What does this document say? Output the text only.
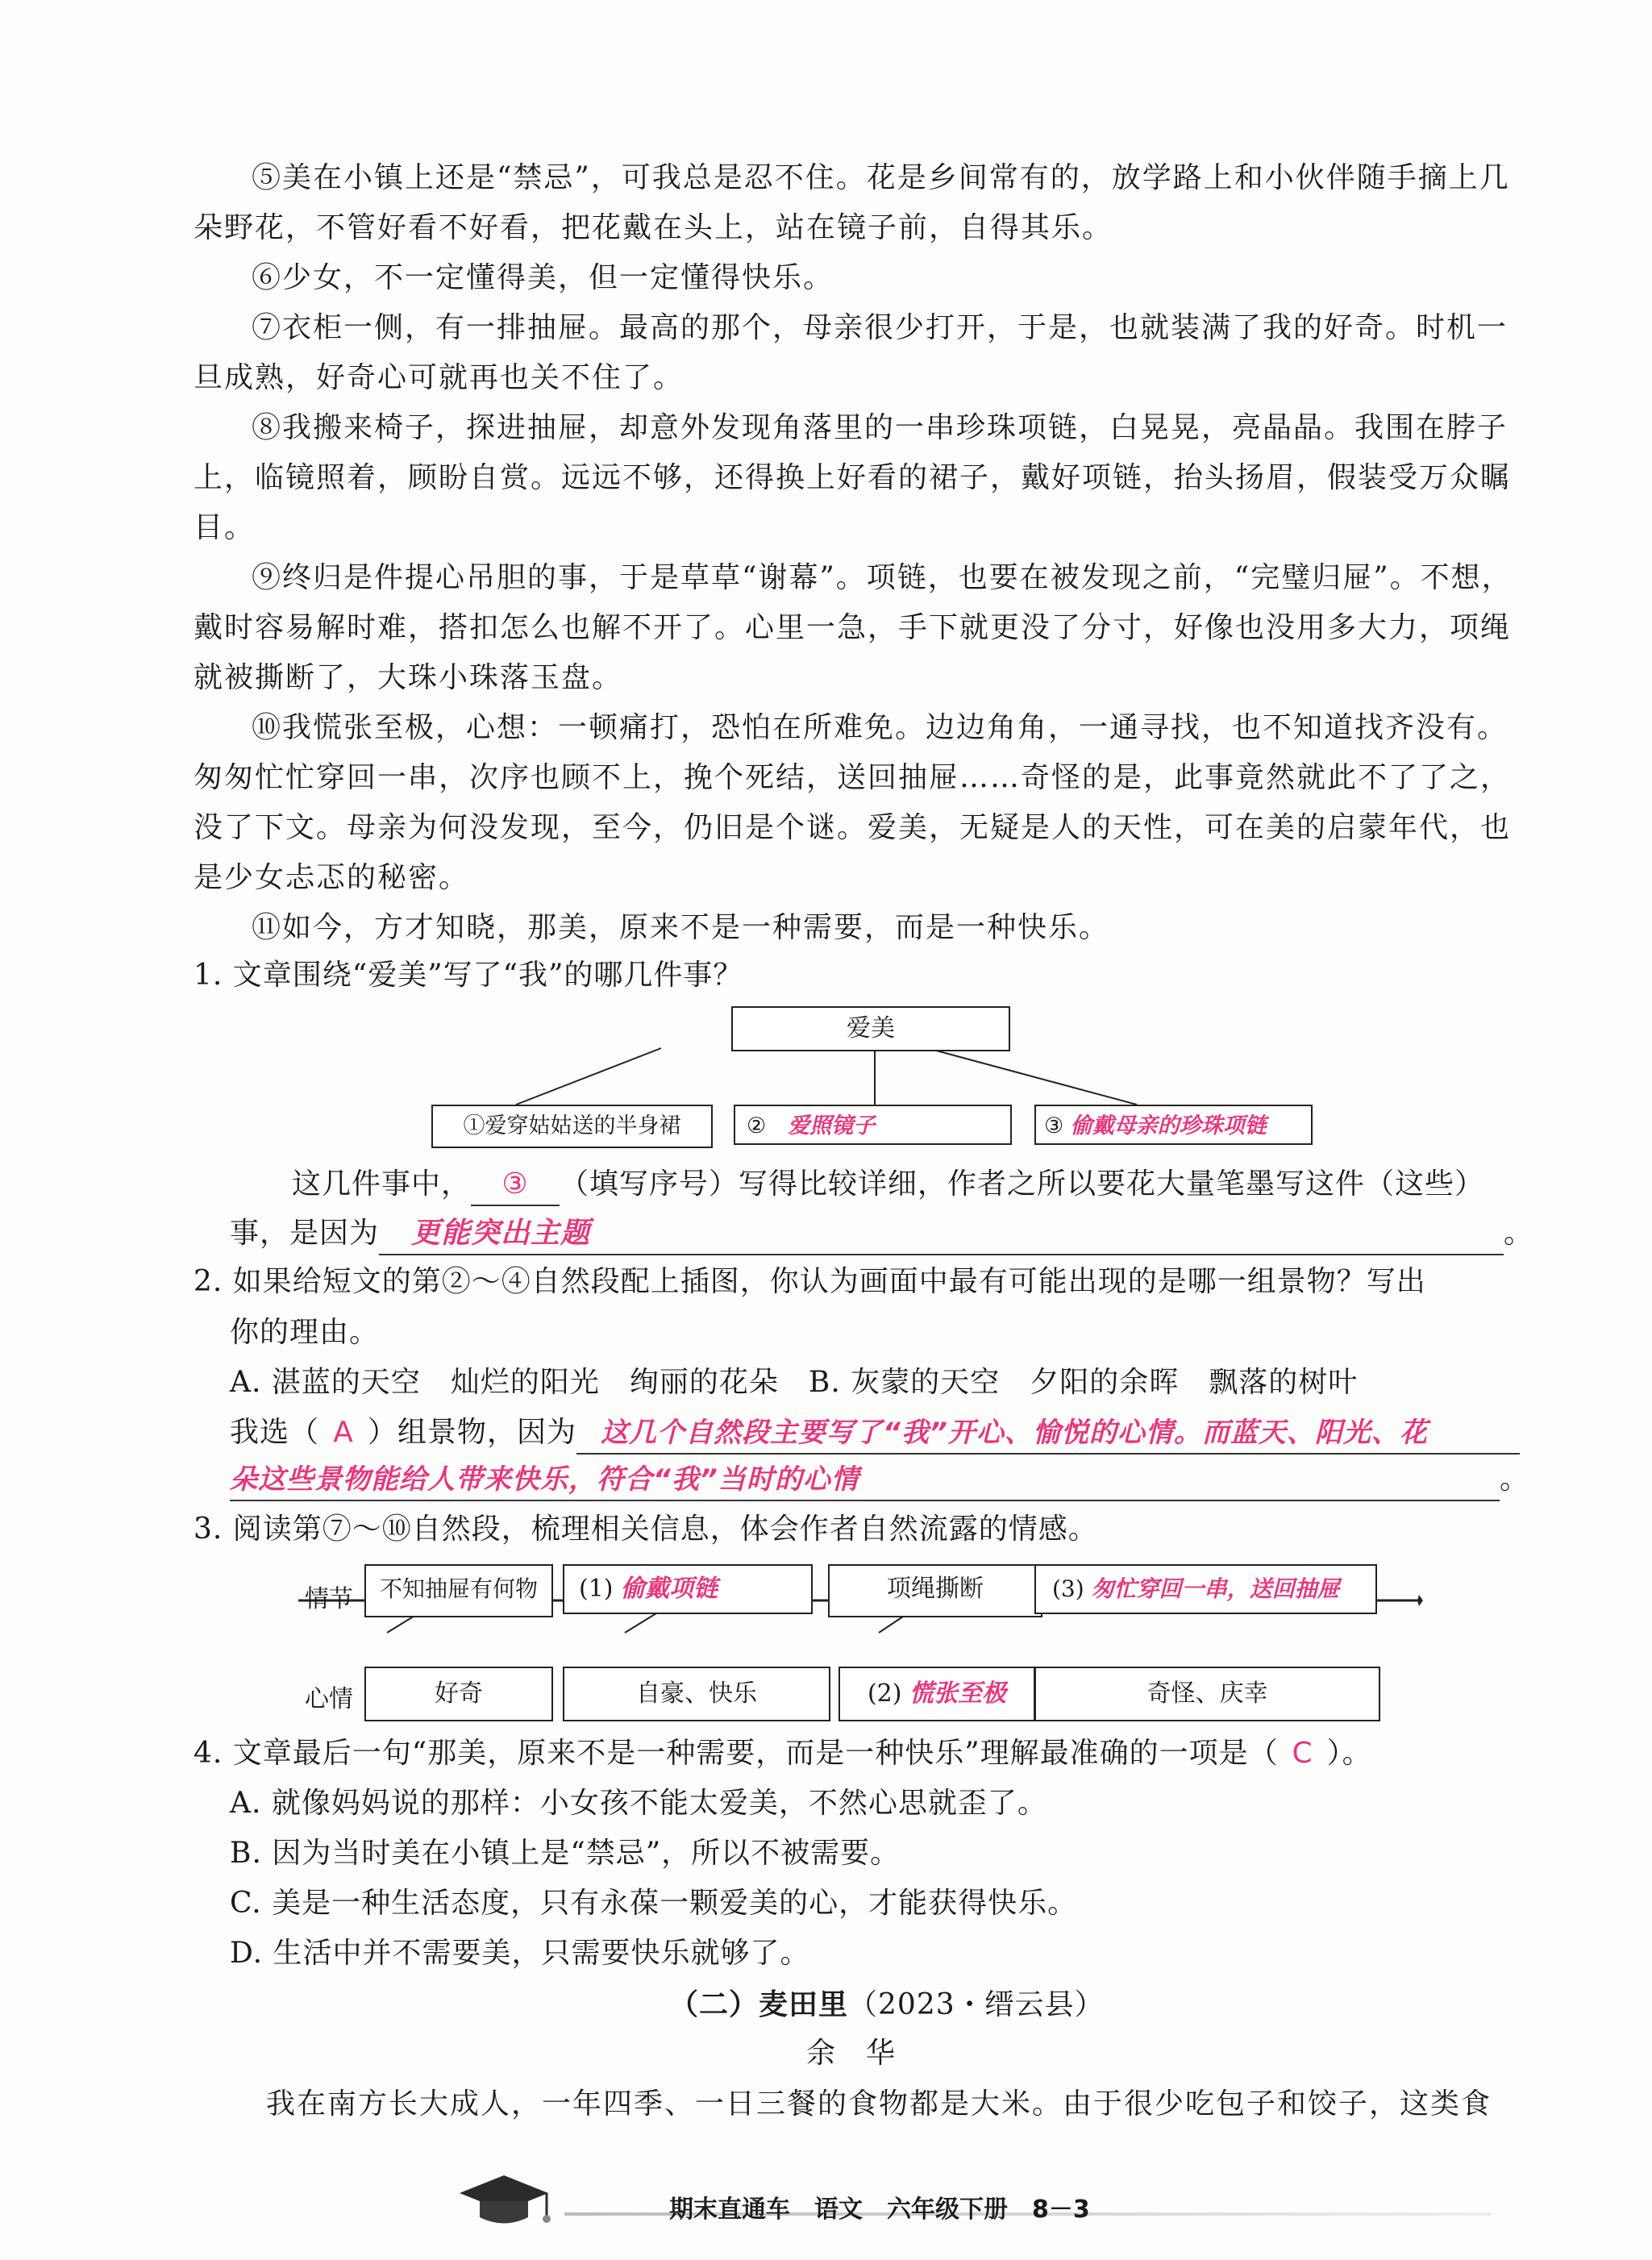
⑤美在小镇上还是“禁忌”，可我总是忍不住。花是乡间常有的，放学路上和小伙伴随手摘上几朵野花，不管好看不好看，把花戴在头上，站在镜子前，自得其乐。
⑥少女，不一定懂得美，但一定懂得快乐。
⑦衣柜一侧，有一排抽屉。最高的那个，母亲很少打开，于是，也就装满了我的好奇。时机一旦成熟，好奇心可就再也关不住了。
⑧我搬来椅子，探进抽屉，却意外发现角落里的一串珍珠项链，白晃晃，亮晶晶。我围在脖子上，临镜照着，顾盼自赏。远远不够，还得换上好看的裙子，戴好项链，抬头扬眉，假装受万众瞩目。
⑨终归是件提心吊胆的事，于是草草“谢幕”。项链，也要在被发现之前，“完璧归屉”。不想，戴时容易解时难，搭扣怎么也解不开了。心里一急，手下就更没了分寸，好像也没用多大力，项绳就被撕断了，大珠小珠落玉盘。
⑩我慌张至极，心想：一顿痛打，恐怕在所难免。边边角角，一通寻找，也不知道找齐没有。匆匆忙忙穿回一串，次序也顾不上，挽个死结，送回抽屉……奇怪的是，此事竟然就此不了了之，没了下文。母亲为何没发现，至今，仍旧是个谜。爱美，无疑是人的天性，可在美的启蒙年代，也是少女忐忑的秘密。
⑪如今，方才知晓，那美，原来不是一种需要，而是一种快乐。
1. 文章围绕“爱美”写了“我”的哪几件事？
爱美
①爱穿姑姑送的半身裙	②　 爱照镜子	③ 偷戴母亲的珍珠项链
这几件事中， ③ （填写序号）写得比较详细，作者之所以要花大量笔墨写这件（这些）
事，是因为 更能突出主题	。
2. 如果给短文的第②～④自然段配上插图，你认为画面中最有可能出现的是哪一组景物？写出
你的理由。
A. 湛蓝的天空　灿烂的阳光　绚丽的花朵　B. 灰蒙的天空　夕阳的余晖　飘落的树叶
我选（ A ）组景物，因为 这几个自然段主要写了“我”开心、愉悦的心情。而蓝天、阳光、花
朵这些景物能给人带来快乐，符合“我”当时的心情	。
3. 阅读第⑦～⑩自然段，梳理相关信息，体会作者自然流露的情感。
情节
心情
不知抽屉有何物	(1) 偷戴项链	项绳撕断	(3) 匆忙穿回一串，送回抽屉
好奇	自豪、快乐	(2) 慌张至极	奇怪、庆幸
4. 文章最后一句“那美，原来不是一种需要，而是一种快乐”理解最准确的一项是（ C ）。
A. 就像妈妈说的那样：小女孩不能太爱美，不然心思就歪了。
B. 因为当时美在小镇上是“禁忌”，所以不被需要。
C. 美是一种生活态度，只有永葆一颗爱美的心，才能获得快乐。
D. 生活中并不需要美，只需要快乐就够了。
（二）麦田里（2023・缙云县）
余　华
我在南方长大成人，一年四季、一日三餐的食物都是大米。由于很少吃包子和饺子，这类食
期末直通车　语文　六年级下册　8－3
